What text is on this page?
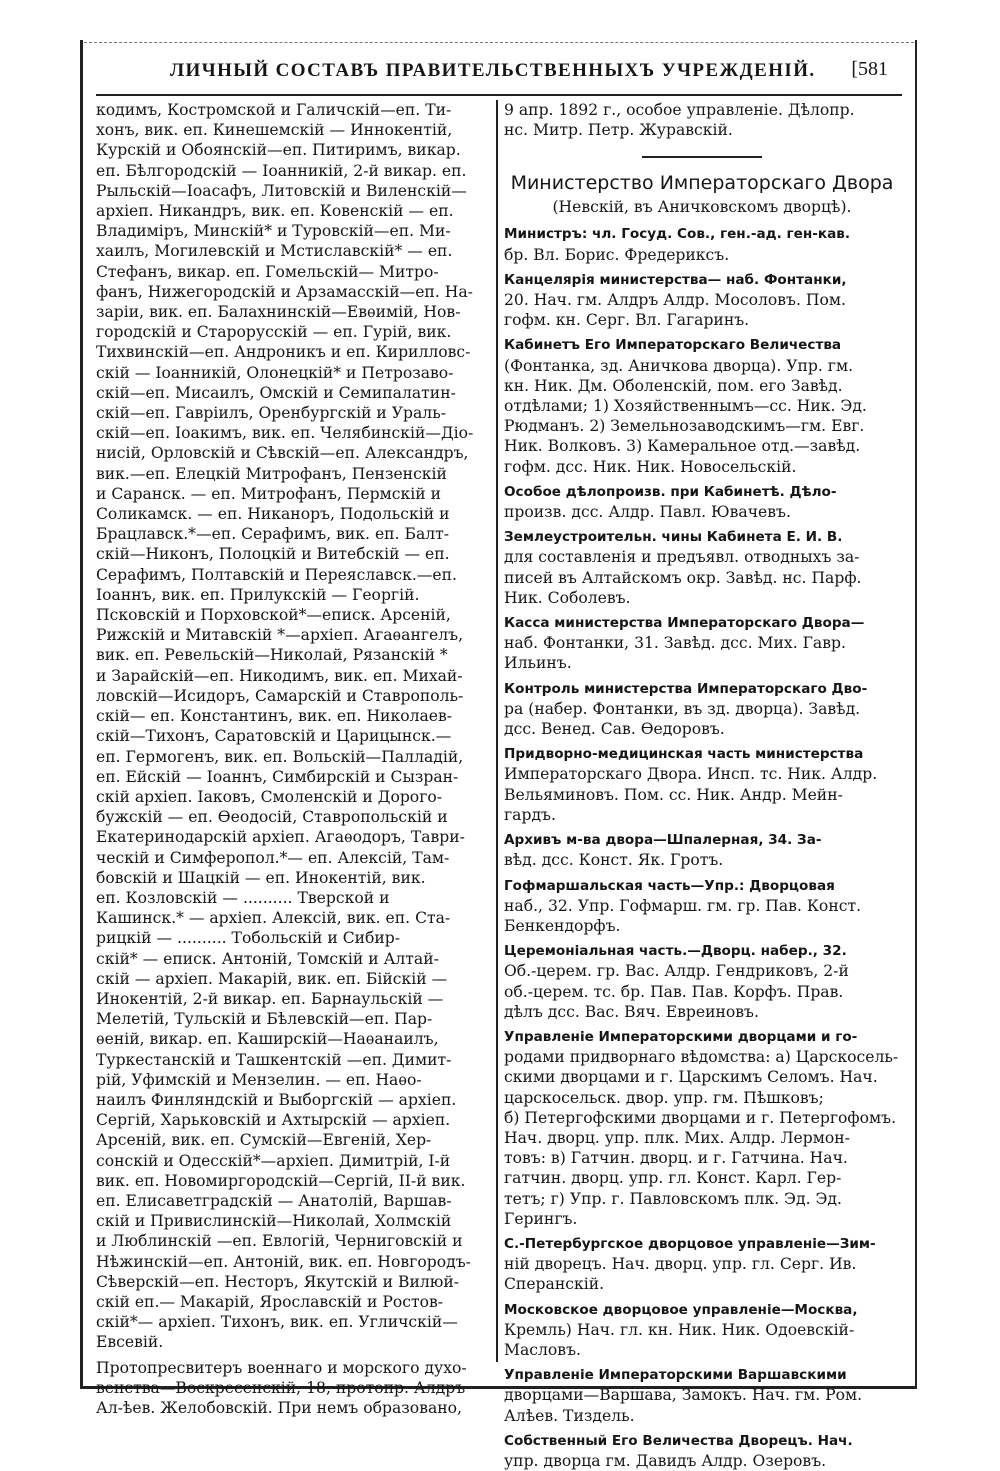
ЛИЧНЫЙ СОСТАВЪ ПРАВИТЕЛЬСТВЕННЫХЪ УЧРЕЖДЕНІЙ. [581

кодимъ, Костромской и Галичскій—еп. Ти-
хонъ, вик. еп. Кинешемскій — Иннокентій,
Курскій и Обоянскій—еп. Питиримъ, викар.
еп. Бѣлгородскій — Іоанникій, 2-й викар. еп.
Рыльскій—Іоасафъ, Литовскій и Виленскій—
архіеп. Никандръ, вик. еп. Ковенскій — еп.
Владиміръ, Минскій* и Туровскій—еп. Ми-
хаилъ, Могилевскій и Мстиславскій* — еп.
Стефанъ, викар. еп. Гомельскій— Митро-
фанъ, Нижегородскій и Арзамасскій—еп. На-
заріи, вик. еп. Балахнинскій—Евѳимій, Нов-
городскій и Старорусскій — еп. Гурій, вик.
Тихвинскій—еп. Андроникъ и еп. Кирилловс-
скій — Іоанникій, Олонецкій* и Петрозаво-
скій—еп. Мисаилъ, Омскій и Семипалатин-
скій—еп. Гавріилъ, Оренбургскій и Ураль-
скій—еп. Іоакимъ, вик. еп. Челябинскій—Діо-
нисій, Орловскій и Сѣвскій—еп. Александръ,
вик.—еп. Елецкій Митрофанъ, Пензенскій
и Саранск. — еп. Митрофанъ, Пермскій и
Соликамск. — еп. Никаноръ, Подольскій и
Брацлавск.*—еп. Серафимъ, вик. еп. Балт-
скій—Никонъ, Полоцкій и Витебскій — еп.
Серафимъ, Полтавскій и Переяславск.—еп.
Іоаннъ, вик. еп. Прилукскій — Георгій.
Псковскій и Порховской*—еписк. Арсеній,
Рижскій и Митавскій *—архіеп. Агаѳангелъ,
вик. еп. Ревельскій—Николай, Рязанскій *
и Зарайскій—еп. Никодимъ, вик. еп. Михай-
ловскій—Исидоръ, Самарскій и Ставрополь-
скій— еп. Константинъ, вик. еп. Николаев-
скій—Тихонъ, Саратовскій и Царицынск.—
еп. Гермогенъ, вик. еп. Вольскій—Палладій,
еп. Ейскій — Іоаннъ, Симбирскій и Сызран-
скій архіеп. Іаковъ, Смоленскій и Дорого-
бужскій — еп. Ѳеодосій, Ставропольскій и
Екатеринодарскій архіеп. Агаѳодоръ, Таври-
ческій и Симферопол.*— еп. Алексій, Там-
бовскій и Шацкій — еп. Инокентій, вик.
еп. Козловскій — .......... Тверской и
Кашинск.* — архіеп. Алексій, вик. еп. Ста-
рицкій — .......... Тобольскій и Сибир-
скій* — еписк. Антоній, Томскій и Алтай-
скій — архіеп. Макарій, вик. еп. Бійскій —
Инокентій, 2-й викар. еп. Барнаульскій —
Мелетій, Тульскій и Бѣлевскій—еп. Пар-
ѳеній, викар. еп. Каширскій—Наѳанаилъ,
Туркестанскій и Ташкентскій —еп. Димит-
рій, Уфимскій и Мензелин. — еп. Наѳо-
наилъ Финляндскій и Выборгскій — архіеп.
Сергій, Харьковскій и Ахтырскій — архіеп.
Арсеній, вик. еп. Сумскій—Евгеній, Хер-
сонскій и Одесскій*—архіеп. Димитрій, I-й
вик. еп. Новомиргородскій—Сергій, II-й вик.
еп. Елисаветградскій — Анатолій, Варшав-
скій и Привислинскій—Николай, Холмскій
и Люблинскій —еп. Евлогій, Черниговскій и
Нѣжинскій—еп. Антоній, вик. еп. Новгородъ-
Сѣверскій—еп. Несторъ, Якутскій и Вилюй-
скій еп.— Макарій, Ярославскій и Ростов-
скій*— архіеп. Тихонъ, вик. еп. Угличскій—
Евсевій.

Протопресвитеръ военнаго и морского духо-
венства—Воскресенскій, 18, протопр. Алдръ
Ал-ѣев. Желобовскій. При немъ образовано,

9 апр. 1892 г., особое управленіе. Дѣлопр.
нс. Митр. Петр. Журавскій.

Министерство Императорскаго Двора

(Невскій, въ Аничковскомъ дворцѣ).

Министръ: чл. Госуд. Сов., ген.-ад. ген-кав.
бр. Вл. Борис. Фредериксъ.

Канцелярія министерства— наб. Фонтанки,
20. Нач. гм. Алдръ Алдр. Мосоловъ. Пом.
гофм. кн. Серг. Вл. Гагаринъ.

Кабинетъ Его Императорскаго Величества
(Фонтанка, зд. Аничкова дворца). Упр. гм.
кн. Ник. Дм. Оболенскій, пом. его Завѣд.
отдѣлами; 1) Хозяйственнымъ—сс. Ник. Эд.
Рюдманъ. 2) Земельнозаводскимъ—гм. Евг.
Ник. Волковъ. 3) Камеральное отд.—завѣд.
гофм. дсс. Ник. Ник. Новосельскій.

Особое дѣлопроизв. при Кабинетѣ. Дѣло-
произв. дсс. Алдр. Павл. Ювачевъ.

Землеустроительн. чины Кабинета Е. И. В.
для составленія и предъявл. отводныхъ за-
писей въ Алтайскомъ окр. Завѣд. нс. Парф.
Ник. Соболевъ.

Касса министерства Императорскаго Двора—
наб. Фонтанки, 31. Завѣд. дсс. Мих. Гавр.
Ильинъ.

Контроль министерства Императорскаго Дво-
ра (набер. Фонтанки, въ зд. дворца). Завѣд.
дсс. Венед. Сав. Ѳедоровъ.

Придворно-медицинская часть министерства
Императорскаго Двора. Инсп. тс. Ник. Алдр.
Вельяминовъ. Пом. сс. Ник. Андр. Мейн-
гардъ.

Архивъ м-ва двора—Шпалерная, 34. За-
вѣд. дсс. Конст. Як. Гротъ.

Гофмаршальская часть—Упр.: Дворцовая
наб., 32. Упр. Гофмарш. гм. гр. Пав. Конст.
Бенкендорфъ.

Церемоніальная часть.—Дворц. набер., 32.
Об.-церем. гр. Вас. Алдр. Гендриковъ, 2-й
об.-церем. тс. бр. Пав. Пав. Корфъ. Прав.
дѣлъ дсс. Вас. Вяч. Евреиновъ.

Управленіе Императорскими дворцами и го-
родами придворнаго вѣдомства: а) Царскосель-
скими дворцами и г. Царскимъ Селомъ. Нач.
царскосельск. двор. упр. гм. Пѣшковъ;
б) Петергофскими дворцами и г. Петергофомъ.
Нач. дворц. упр. плк. Мих. Алдр. Лермон-
товъ: в) Гатчин. дворц. и г. Гатчина. Нач.
гатчин. дворц. упр. гл. Конст. Карл. Гер-
тетъ; г) Упр. г. Павловскомъ плк. Эд. Эд.
Герингъ.

С.-Петербургское дворцовое управленіе—Зим-
ній дворецъ. Нач. дворц. упр. гл. Серг. Ив.
Сперанскій.

Московское дворцовое управленіе—Москва,
Кремль) Нач. гл. кн. Ник. Ник. Одоевскій-
Масловъ.

Управленіе Императорскими Варшавскими
дворцами—Варшава, Замокъ. Нач. гм. Ром.
Алѣев. Тиздель.

Собственный Его Величества Дворецъ. Нач.
упр. дворца гм. Давидъ Алдр. Озеровъ.
